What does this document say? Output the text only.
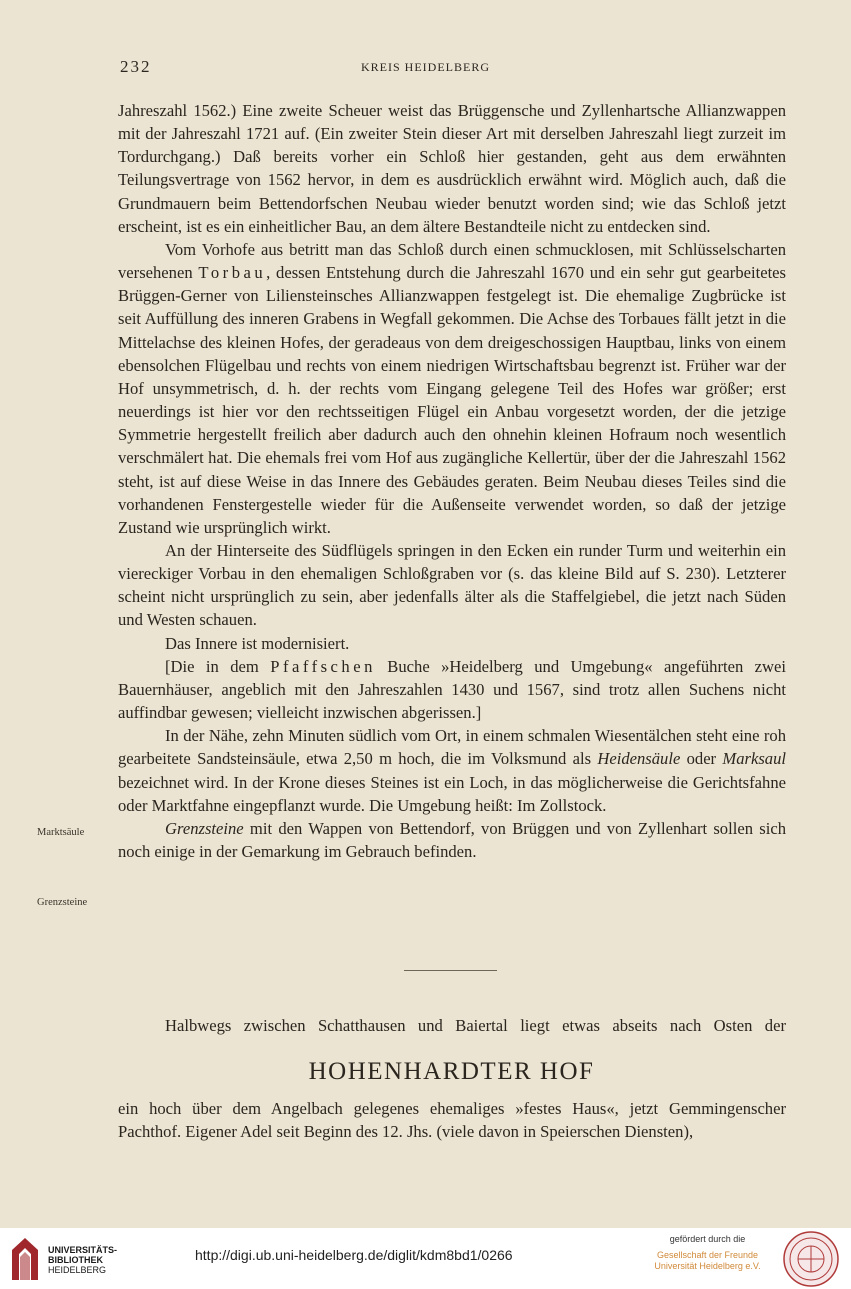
232	KREIS HEIDELBERG

Jahreszahl 1562.) Eine zweite Scheuer weist das Brüggensche und Zyllenhartsche Allianzwappen mit der Jahreszahl 1721 auf. (Ein zweiter Stein dieser Art mit derselben Jahreszahl liegt zurzeit im Tordurchgang.) Daß bereits vorher ein Schloß hier gestanden, geht aus dem erwähnten Teilungsvertrage von 1562 hervor, in dem es ausdrücklich erwähnt wird. Möglich auch, daß die Grundmauern beim Bettendorfschen Neubau wieder benutzt worden sind; wie das Schloß jetzt erscheint, ist es ein einheitlicher Bau, an dem ältere Bestandteile nicht zu entdecken sind.

Vom Vorhofe aus betritt man das Schloß durch einen schmucklosen, mit Schlüsselscharten versehenen Torbau, dessen Entstehung durch die Jahreszahl 1670 und ein sehr gut gearbeitetes Brüggen-Gerner von Liliensteinsches Allianzwappen festgelegt ist. Die ehemalige Zugbrücke ist seit Auffüllung des inneren Grabens in Wegfall gekommen. Die Achse des Torbaues fällt jetzt in die Mittelachse des kleinen Hofes, der geradeaus von dem dreigeschossigen Hauptbau, links von einem ebensolchen Flügelbau und rechts von einem niedrigen Wirtschaftsbau begrenzt ist. Früher war der Hof unsymmetrisch, d. h. der rechts vom Eingang gelegene Teil des Hofes war größer; erst neuerdings ist hier vor den rechtsseitigen Flügel ein Anbau vorgesetzt worden, der die jetzige Symmetrie hergestellt freilich aber dadurch auch den ohnehin kleinen Hofraum noch wesentlich verschmälert hat. Die ehemals frei vom Hof aus zugängliche Kellertür, über der die Jahreszahl 1562 steht, ist auf diese Weise in das Innere des Gebäudes geraten. Beim Neubau dieses Teiles sind die vorhandenen Fenstergestelle wieder für die Außenseite verwendet worden, so daß der jetzige Zustand wie ursprünglich wirkt.

An der Hinterseite des Südflügels springen in den Ecken ein runder Turm und weiterhin ein viereckiger Vorbau in den ehemaligen Schloßgraben vor (s. das kleine Bild auf S. 230). Letzterer scheint nicht ursprünglich zu sein, aber jedenfalls älter als die Staffelgiebel, die jetzt nach Süden und Westen schauen.

Das Innere ist modernisiert.

[Die in dem Pfaffschen Buche »Heidelberg und Umgebung« angeführten zwei Bauernhäuser, angeblich mit den Jahreszahlen 1430 und 1567, sind trotz allen Suchens nicht auffindbar gewesen; vielleicht inzwischen abgerissen.]

In der Nähe, zehn Minuten südlich vom Ort, in einem schmalen Wiesentälchen steht eine roh gearbeitete Sandsteinsäule, etwa 2,50 m hoch, die im Volksmund als Heidensäule oder Marksaul bezeichnet wird. In der Krone dieses Steines ist ein Loch, in das möglicherweise die Gerichtsfahne oder Marktfahne eingepflanzt wurde. Die Umgebung heißt: Im Zollstock.

Grenzsteine mit den Wappen von Bettendorf, von Brüggen und von Zyllenhart sollen sich noch einige in der Gemarkung im Gebrauch befinden.

Marktsäule
Grenzsteine
Halbwegs zwischen Schatthausen und Baiertal liegt etwas abseits nach Osten der
HOHENHARDTER HOF
ein hoch über dem Angelbach gelegenes ehemaliges »festes Haus«, jetzt Gemmingenscher Pachthof. Eigener Adel seit Beginn des 12. Jhs. (viele davon in Speierschen Diensten),
UNIVERSITÄTS-
BIBLIOTHEK
HEIDELBERG
http://digi.ub.uni-heidelberg.de/diglit/kdm8bd1/0266
gefördert durch die
Gesellschaft der Freunde
Universität Heidelberg e.V.
